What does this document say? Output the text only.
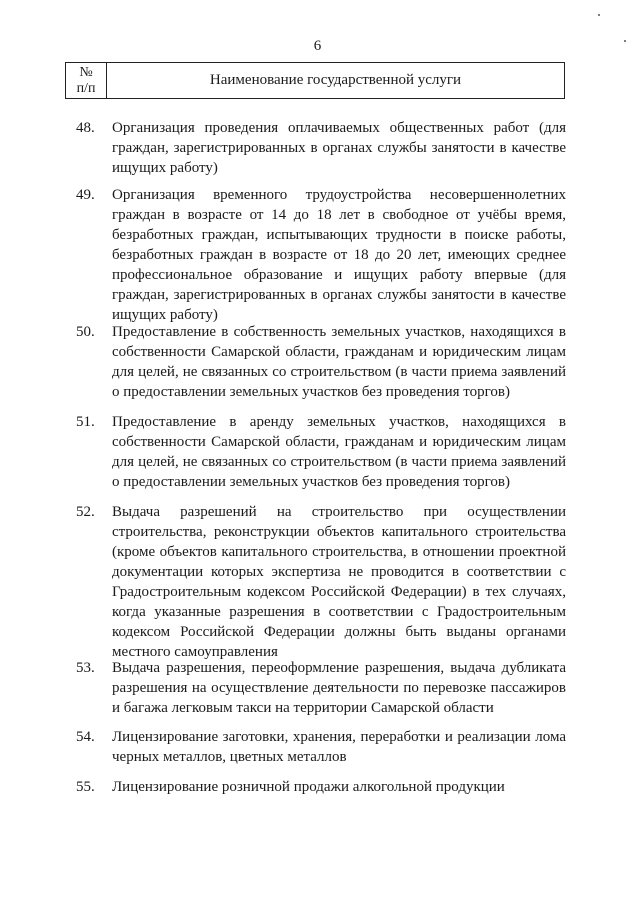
6
№
п/п	Наименование государственной услуги
48.	Организация проведения оплачиваемых общественных работ (для граждан, зарегистрированных в органах службы занятости в качестве ищущих работу)
49.	Организация временного трудоустройства несовершеннолетних граждан в возрасте от 14 до 18 лет в свободное от учёбы время, безработных граждан, испытывающих трудности в поиске работы, безработных граждан в возрасте от 18 до 20 лет, имеющих среднее профессиональное образование и ищущих работу впервые (для граждан, зарегистрированных в органах службы занятости в качестве ищущих работу)
50.	Предоставление в собственность земельных участков, находящихся в собственности Самарской области, гражданам и юридическим лицам для целей, не связанных со строительством (в части приема заявлений о предоставлении земельных участков без проведения торгов)
51.	Предоставление в аренду земельных участков, находящихся в собственности Самарской области, гражданам и юридическим лицам для целей, не связанных со строительством (в части приема заявлений о предоставлении земельных участков без проведения торгов)
52.	Выдача разрешений на строительство при осуществлении строительства, реконструкции объектов капитального строительства (кроме объектов капитального строительства, в отношении проектной документации которых экспертиза не проводится в соответствии с Градостроительным кодексом Российской Федерации) в тех случаях, когда указанные разрешения в соответствии с Градостроительным кодексом Российской Федерации должны быть выданы органами местного самоуправления
53.	Выдача разрешения, переоформление разрешения, выдача дубликата разрешения на осуществление деятельности по перевозке пассажиров и багажа легковым такси на территории Самарской области
54.	Лицензирование заготовки, хранения, переработки и реализации лома черных металлов, цветных металлов
55.	Лицензирование розничной продажи алкогольной продукции
